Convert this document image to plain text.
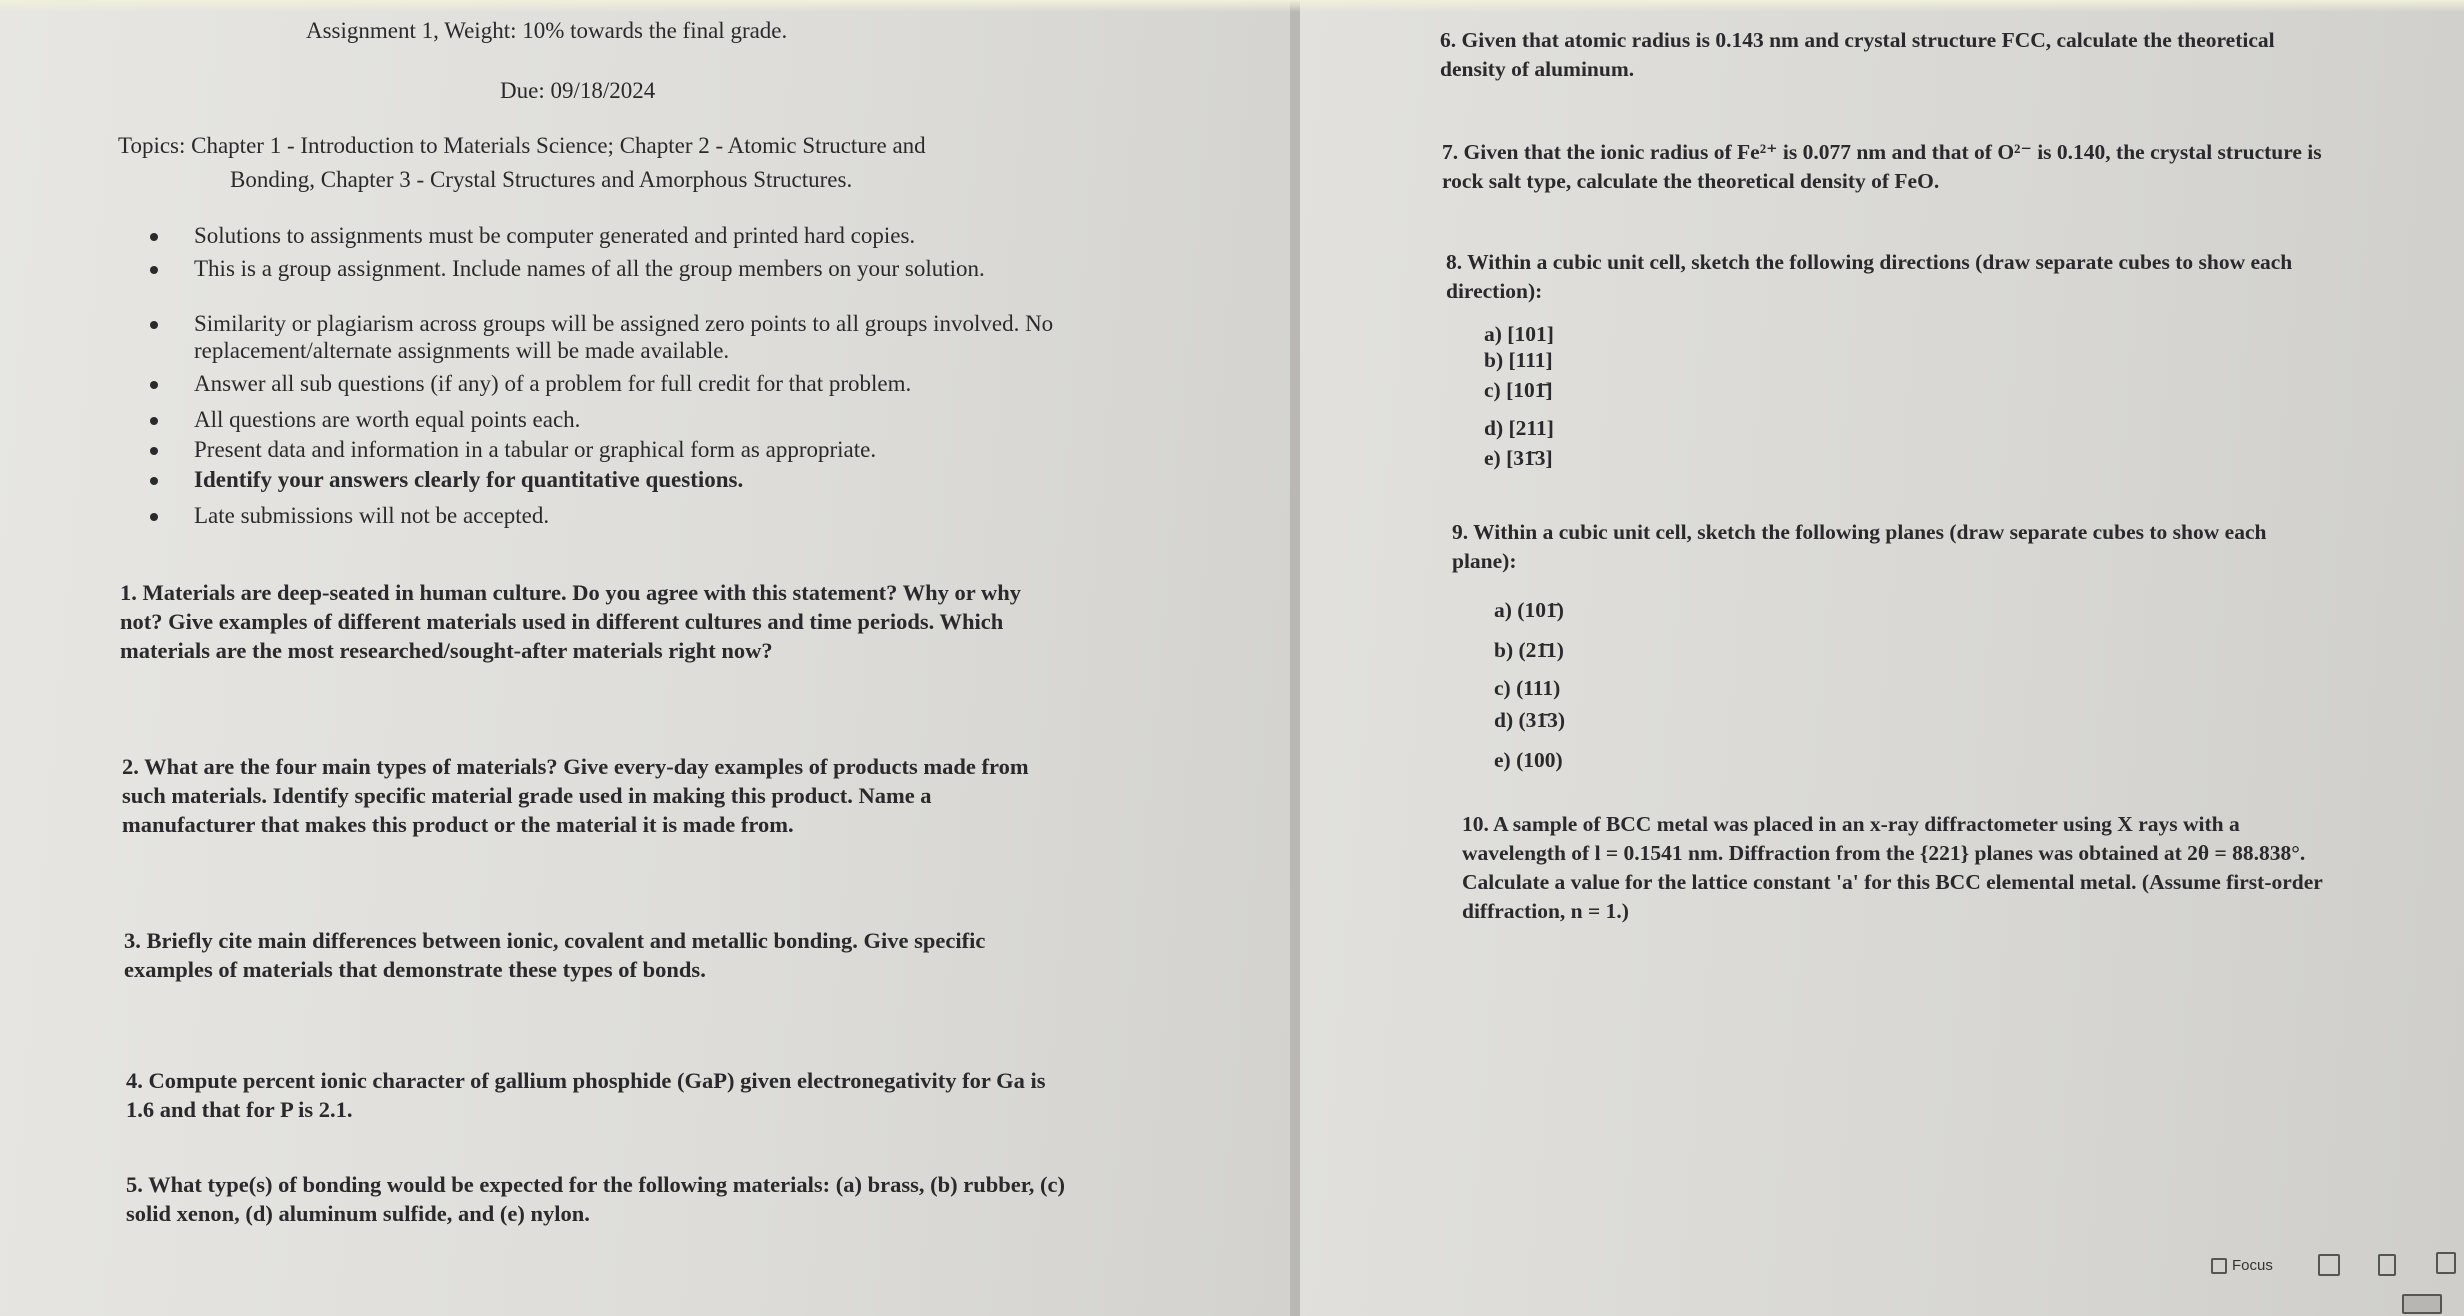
Assignment 1, Weight: 10% towards the final grade.
Due: 09/18/2024
Topics: Chapter 1 - Introduction to Materials Science; Chapter 2 - Atomic Structure and
Bonding, Chapter 3 - Crystal Structures and Amorphous Structures.
Solutions to assignments must be computer generated and printed hard copies.
This is a group assignment. Include names of all the group members on your solution.
Similarity or plagiarism across groups will be assigned zero points to all groups involved. No replacement/alternate assignments will be made available.
Answer all sub questions (if any) of a problem for full credit for that problem.
All questions are worth equal points each.
Present data and information in a tabular or graphical form as appropriate.
Identify your answers clearly for quantitative questions.
Late submissions will not be accepted.
1. Materials are deep-seated in human culture. Do you agree with this statement? Why or why not? Give examples of different materials used in different cultures and time periods. Which materials are the most researched/sought-after materials right now?
2. What are the four main types of materials? Give every-day examples of products made from such materials. Identify specific material grade used in making this product. Name a manufacturer that makes this product or the material it is made from.
3. Briefly cite main differences between ionic, covalent and metallic bonding. Give specific examples of materials that demonstrate these types of bonds.
4. Compute percent ionic character of gallium phosphide (GaP) given electronegativity for Ga is 1.6 and that for P is 2.1.
5. What type(s) of bonding would be expected for the following materials: (a) brass, (b) rubber, (c) solid xenon, (d) aluminum sulfide, and (e) nylon.
6. Given that atomic radius is 0.143 nm and crystal structure FCC, calculate the theoretical density of aluminum.
7. Given that the ionic radius of Fe²⁺ is 0.077 nm and that of O²⁻ is 0.140, the crystal structure is rock salt type, calculate the theoretical density of FeO.
8. Within a cubic unit cell, sketch the following directions (draw separate cubes to show each direction):
a) [101]
b) [111]
c) [101̄]
d) [211]
e) [31̄3]
9. Within a cubic unit cell, sketch the following planes (draw separate cubes to show each plane):
a) (101̄)
b) (21̄1)
c) (111)
d) (31̄3)
e) (100)
10. A sample of BCC metal was placed in an x-ray diffractometer using X rays with a wavelength of l = 0.1541 nm. Diffraction from the {221} planes was obtained at 2θ = 88.838°. Calculate a value for the lattice constant 'a' for this BCC elemental metal. (Assume first-order diffraction, n = 1.)
Focus
